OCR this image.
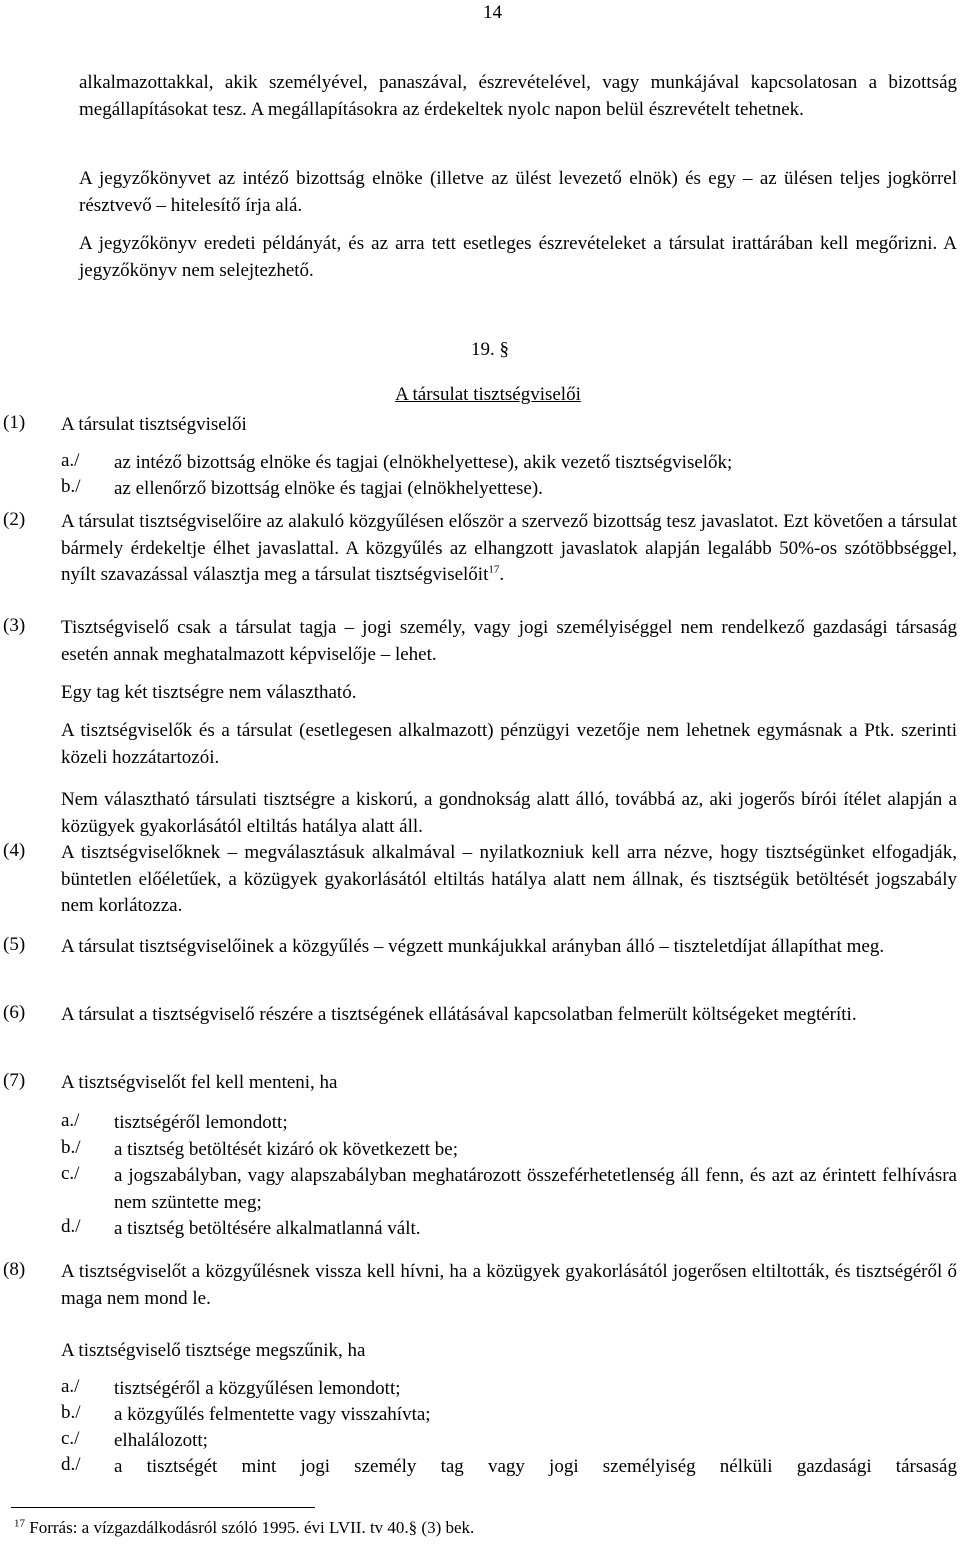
14
alkalmazottakkal, akik személyével, panaszával, észrevételével, vagy munkájával kapcsolatosan a bizottság megállapításokat tesz. A megállapításokra az érdekeltek nyolc napon belül észrevételt tehetnek.
A jegyzőkönyvet az intéző bizottság elnöke (illetve az ülést levezető elnök) és egy – az ülésen teljes jogkörrel résztvevő – hitelesítő írja alá.
A jegyzőkönyv eredeti példányát, és az arra tett esetleges észrevételeket a társulat irattárában kell megőrizni. A jegyzőkönyv nem selejtezhető.
19. §
A társulat tisztségviselői
(1) A társulat tisztségviselői
a./ az intéző bizottság elnöke és tagjai (elnökhelyettese), akik vezető tisztségviselők;
b./ az ellenőrző bizottság elnöke és tagjai (elnökhelyettese).
(2) A társulat tisztségviselőire az alakuló közgyűlésen először a szervező bizottság tesz javaslatot. Ezt követően a társulat bármely érdekeltje élhet javaslattal. A közgyűlés az elhangzott javaslatok alapján legalább 50%-os szótöbbséggel, nyílt szavazással választja meg a társulat tisztségviselőit$^{17}$.
(3) Tisztségviselő csak a társulat tagja – jogi személy, vagy jogi személyiséggel nem rendelkező gazdasági társaság esetén annak meghatalmazott képviselője – lehet.
Egy tag két tisztségre nem választható.
A tisztségviselők és a társulat (esetlegesen alkalmazott) pénzügyi vezetője nem lehetnek egymásnak a Ptk. szerinti közeli hozzátartozói.
Nem választható társulati tisztségre a kiskorú, a gondnokság alatt álló, továbbá az, aki jogerős bírói ítélet alapján a közügyek gyakorlásától eltiltás hatálya alatt áll.
(4) A tisztségviselőknek – megválasztásuk alkalmával – nyilatkozniuk kell arra nézve, hogy tisztségünket elfogadják, büntetlen előéletűek, a közügyek gyakorlásától eltiltás hatálya alatt nem állnak, és tisztségük betöltését jogszabály nem korlátozza.
(5) A társulat tisztségviselőinek a közgyűlés – végzett munkájukkal arányban álló – tiszteletdíjat állapíthat meg.
(6) A társulat a tisztségviselő részére a tisztségének ellátásával kapcsolatban felmerült költségeket megtéríti.
(7) A tisztségviselőt fel kell menteni, ha
a./ tisztségéről lemondott;
b./ a tisztség betöltését kizáró ok következett be;
c./ a jogszabályban, vagy alapszabályban meghatározott összeférhetetlenség áll fenn, és azt az érintett felhívásra nem szüntette meg;
d./ a tisztség betöltésére alkalmatlanná vált.
(8) A tisztségviselőt a közgyűlésnek vissza kell hívni, ha a közügyek gyakorlásától jogerősen eltiltották, és tisztségéről ő maga nem mond le.
A tisztségviselő tisztsége megszűnik, ha
a./ tisztségéről a közgyűlésen lemondott;
b./ a közgyűlés felmentette vagy visszahívta;
c./ elhalálozott;
d./ a tisztségét mint jogi személy tag vagy jogi személyiség nélküli gazdasági társaság
$^{17}$ Forrás: a vízgazdálkodásról szóló 1995. évi LVII. tv 40.§ (3) bek.
